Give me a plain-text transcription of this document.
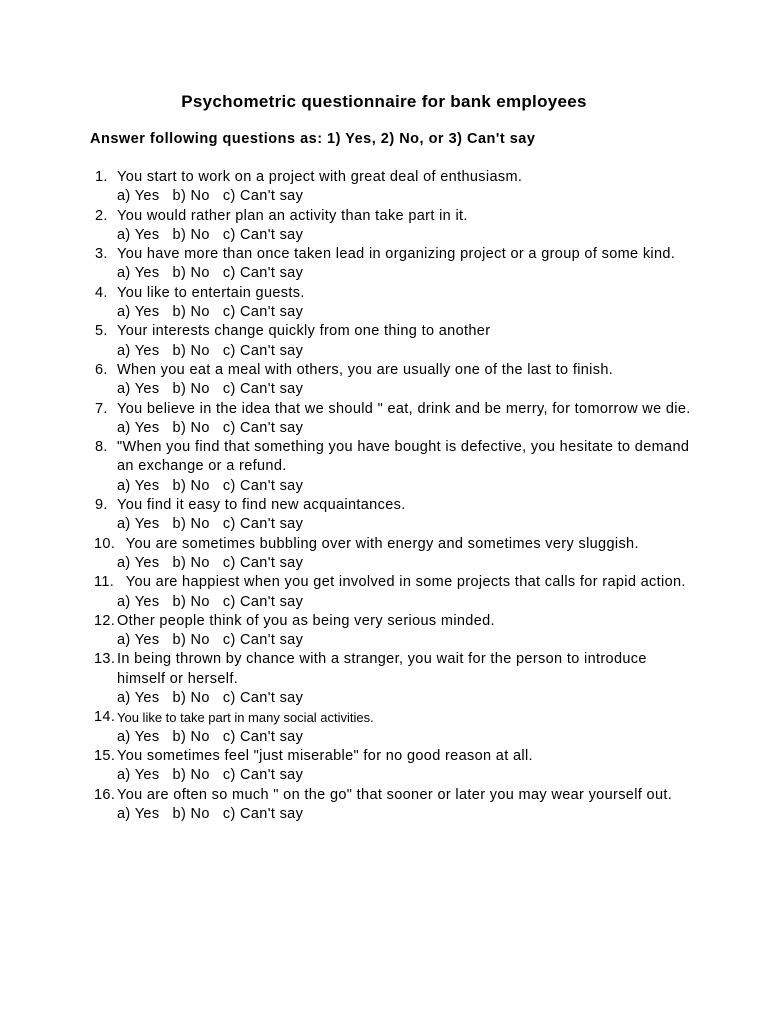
Psychometric questionnaire for bank employees

Answer following questions as: 1) Yes, 2) No, or 3) Can't say

1. You start to work on a project with great deal of enthusiasm.
a) Yes   b) No   c) Can't say
2. You would rather plan an activity than take part in it.
a) Yes   b) No   c) Can't say
3. You have more than once taken lead in organizing project or a group of some kind.
a) Yes   b) No   c) Can't say
4. You like to entertain guests.
a) Yes   b) No   c) Can't say
5. Your interests change quickly from one thing to another
a) Yes   b) No   c) Can't say
6. When you eat a meal with others, you are usually one of the last to finish.
a) Yes   b) No   c) Can't say
7. You believe in the idea that we should " eat, drink and be merry, for tomorrow we die.
a) Yes   b) No   c) Can't say
8. "When you find that something you have bought is defective, you hesitate to demand an exchange or a refund.
a) Yes   b) No   c) Can't say
9. You find it easy to find new acquaintances.
a) Yes   b) No   c) Can't say
10. You are sometimes bubbling over with energy and sometimes very sluggish.
a) Yes   b) No   c) Can't say
11. You are happiest when you get involved in some projects that calls for rapid action.
a) Yes   b) No   c) Can't say
12. Other people think of you as being very serious minded.
a) Yes   b) No   c) Can't say
13. In being thrown by chance with a stranger, you wait for the person to introduce himself or herself.
a) Yes   b) No   c) Can't say
14. You like to take part in many social activities.
a) Yes   b) No   c) Can't say
15. You sometimes feel "just miserable" for no good reason at all.
a) Yes   b) No   c) Can't say
16. You are often so much " on the go" that sooner or later you may wear yourself out.
a) Yes   b) No   c) Can't say
